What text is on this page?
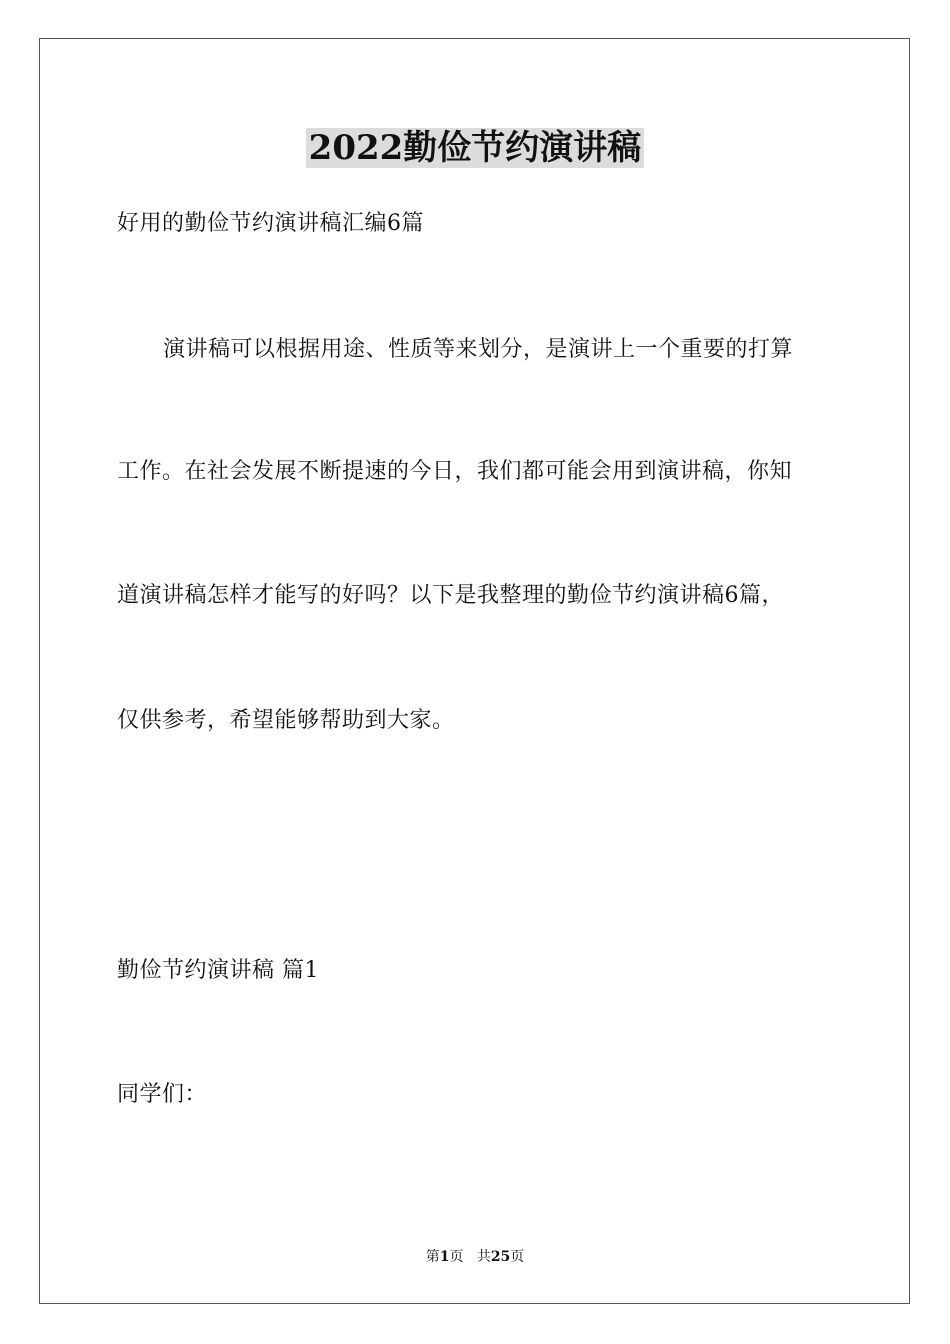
2022勤俭节约演讲稿

好用的勤俭节约演讲稿汇编6篇

演讲稿可以根据用途、性质等来划分，是演讲上一个重要的打算

工作。在社会发展不断提速的今日，我们都可能会用到演讲稿，你知

道演讲稿怎样才能写的好吗？以下是我整理的勤俭节约演讲稿6篇，

仅供参考，希望能够帮助到大家。

勤俭节约演讲稿 篇1

同学们：

第1页 共25页
